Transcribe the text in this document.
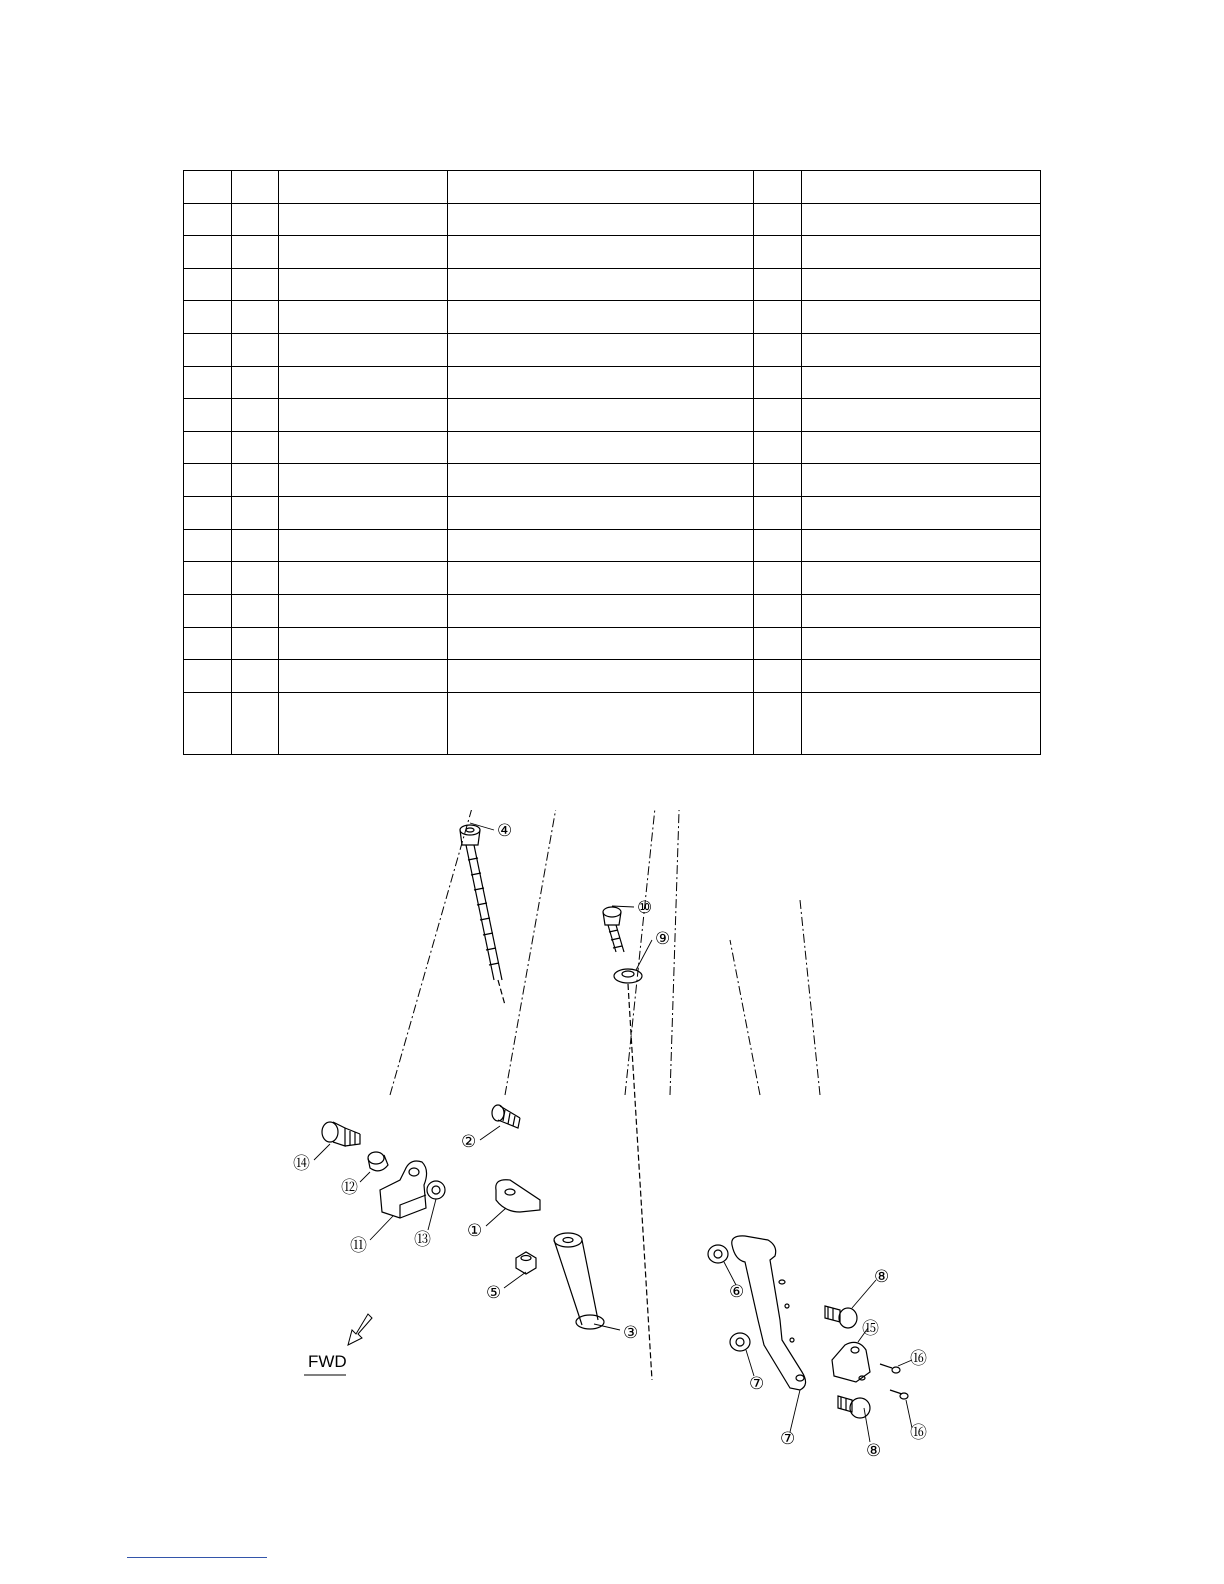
④
⑩
⑨
②
⑭
⑫
⑪	⑬ ①
⑤
③
⑥
⑦
⑦
⑧
⑧
⑮
⑯
⑯
FWD
